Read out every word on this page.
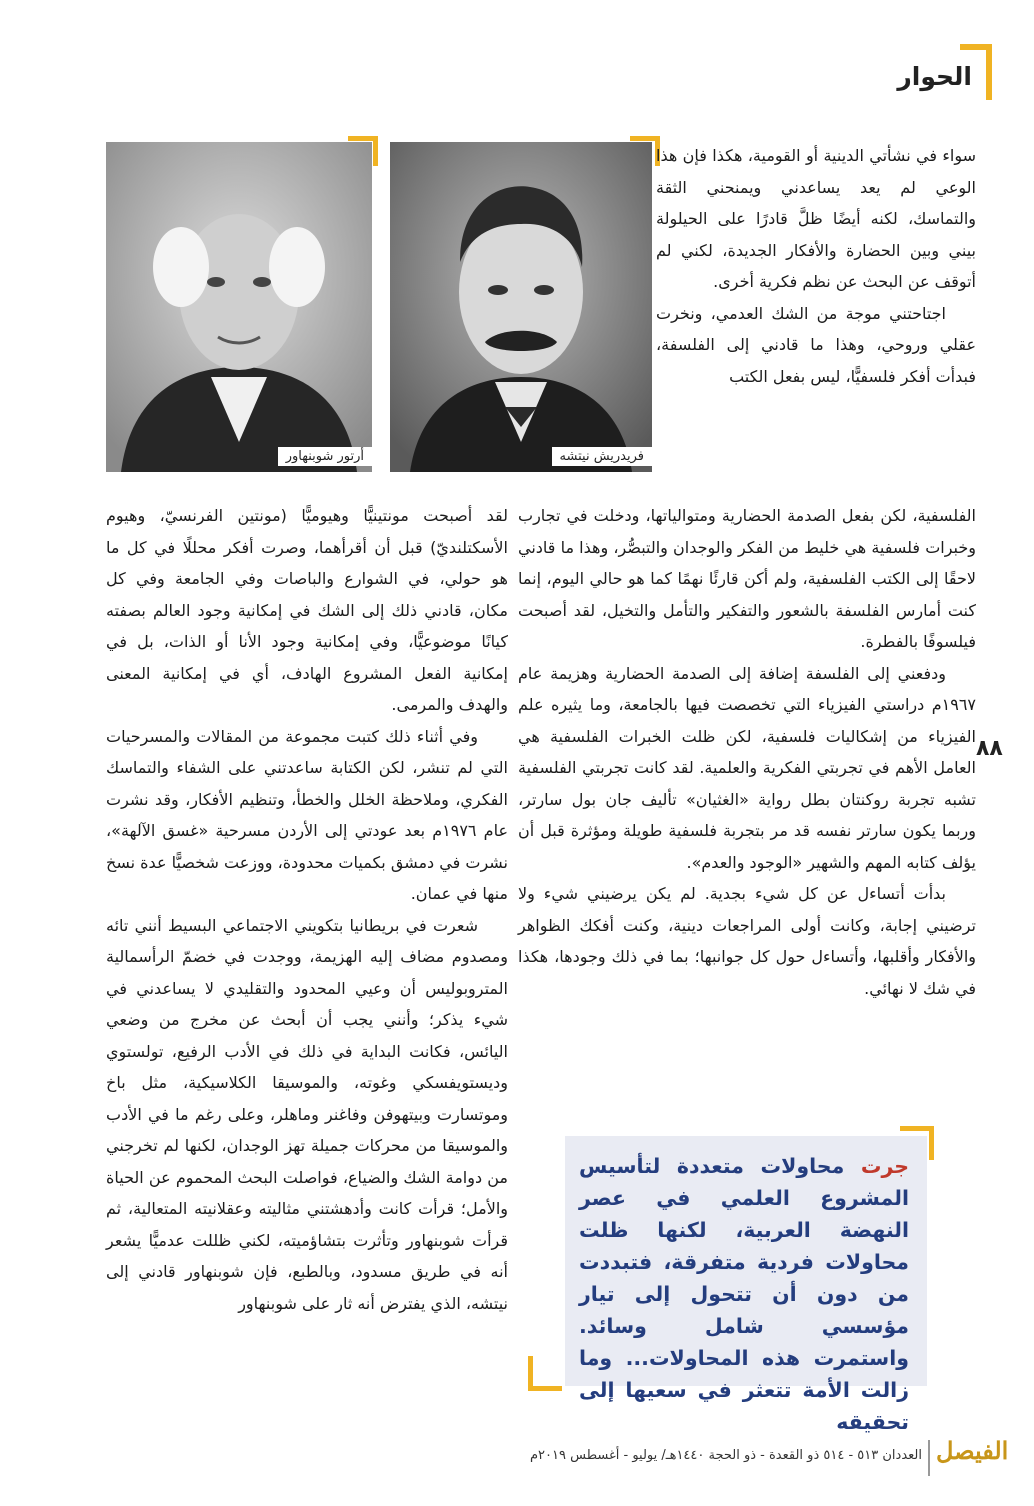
الحوار
٨٨
فريدريش نيتشه
أرتور شوبنهاور

سواء في نشأتي الدينية أو القومية، هكذا فإن هذا الوعي لم يعد يساعدني ويمنحني الثقة والتماسك، لكنه أيضًا ظلَّ قادرًا على الحيلولة بيني وبين الحضارة والأفكار الجديدة، لكني لم أتوقف عن البحث عن نظم فكرية أخرى.

اجتاحتني موجة من الشك العدمي، ونخرت عقلي وروحي، وهذا ما قادني إلى الفلسفة، فبدأت أفكر فلسفيًّا، ليس بفعل الكتب

الفلسفية، لكن بفعل الصدمة الحضارية ومتوالياتها، ودخلت في تجارب وخبرات فلسفية هي خليط من الفكر والوجدان والتبصُّر، وهذا ما قادني لاحقًا إلى الكتب الفلسفية، ولم أكن قارئًا نهمًا كما هو حالي اليوم، إنما كنت أمارس الفلسفة بالشعور والتفكير والتأمل والتخيل، لقد أصبحت فيلسوفًا بالفطرة.

ودفعني إلى الفلسفة إضافة إلى الصدمة الحضارية وهزيمة عام ١٩٦٧م دراستي الفيزياء التي تخصصت فيها بالجامعة، وما يثيره علم الفيزياء من إشكاليات فلسفية، لكن ظلت الخبرات الفلسفية هي العامل الأهم في تجربتي الفكرية والعلمية. لقد كانت تجربتي الفلسفية تشبه تجربة روكنتان بطل رواية «الغثيان» تأليف جان بول سارتر، وربما يكون سارتر نفسه قد مر بتجربة فلسفية طويلة ومؤثرة قبل أن يؤلف كتابه المهم والشهير «الوجود والعدم».

بدأت أتساءل عن كل شيء بجدية. لم يكن يرضيني شيء ولا ترضيني إجابة، وكانت أولى المراجعات دينية، وكنت أفكك الظواهر والأفكار وأقلبها، وأتساءل حول كل جوانبها؛ بما في ذلك وجودها، هكذا في شك لا نهائي.

لقد أصبحت مونتينيًّا وهيوميًّا (مونتين الفرنسيّ، وهيوم الأسكتلنديّ) قبل أن أقرأهما، وصرت أفكر محللًا في كل ما هو حولي، في الشوارع والباصات وفي الجامعة وفي كل مكان، قادني ذلك إلى الشك في إمكانية وجود العالم بصفته كيانًا موضوعيًّا، وفي إمكانية وجود الأنا أو الذات، بل في إمكانية الفعل المشروع الهادف، أي في إمكانية المعنى والهدف والمرمى.

وفي أثناء ذلك كتبت مجموعة من المقالات والمسرحيات التي لم تنشر، لكن الكتابة ساعدتني على الشفاء والتماسك الفكري، وملاحظة الخلل والخطأ، وتنظيم الأفكار، وقد نشرت عام ١٩٧٦م بعد عودتي إلى الأردن مسرحية «غسق الآلهة»، نشرت في دمشق بكميات محدودة، ووزعت شخصيًّا عدة نسخ منها في عمان.

شعرت في بريطانيا بتكويني الاجتماعي البسيط أنني تائه ومصدوم مضاف إليه الهزيمة، ووجدت في خضمّ الرأسمالية المتروبوليس أن وعيي المحدود والتقليدي لا يساعدني في شيء يذكر؛ وأنني يجب أن أبحث عن مخرج من وضعي اليائس، فكانت البداية في ذلك في الأدب الرفيع، تولستوي وديستويفسكي وغوته، والموسيقا الكلاسيكية، مثل باخ وموتسارت وبيتهوفن وفاغنر وماهلر، وعلى رغم ما في الأدب والموسيقا من محركات جميلة تهز الوجدان، لكنها لم تخرجني من دوامة الشك والضياع، فواصلت البحث المحموم عن الحياة والأمل؛ قرأت كانت وأدهشتني مثاليته وعقلانيته المتعالية، ثم قرأت شوبنهاور وتأثرت بتشاؤميته، لكني ظللت عدميًّا يشعر أنه في طريق مسدود، وبالطبع، فإن شوبنهاور قادني إلى نيتشه، الذي يفترض أنه ثار على شوبنهاور

جرت محاولات متعددة لتأسيس المشروع العلمي في عصر النهضة العربية، لكنها ظلت محاولات فردية متفرقة، فتبددت من دون أن تتحول إلى تيار مؤسسي شامل وسائد. واستمرت هذه المحاولات... وما زالت الأمة تتعثر في سعيها إلى تحقيقه

العددان ٥١٣ - ٥١٤ ذو القعدة - ذو الحجة ١٤٤٠هـ/ يوليو - أغسطس ٢٠١٩م الفيصل
